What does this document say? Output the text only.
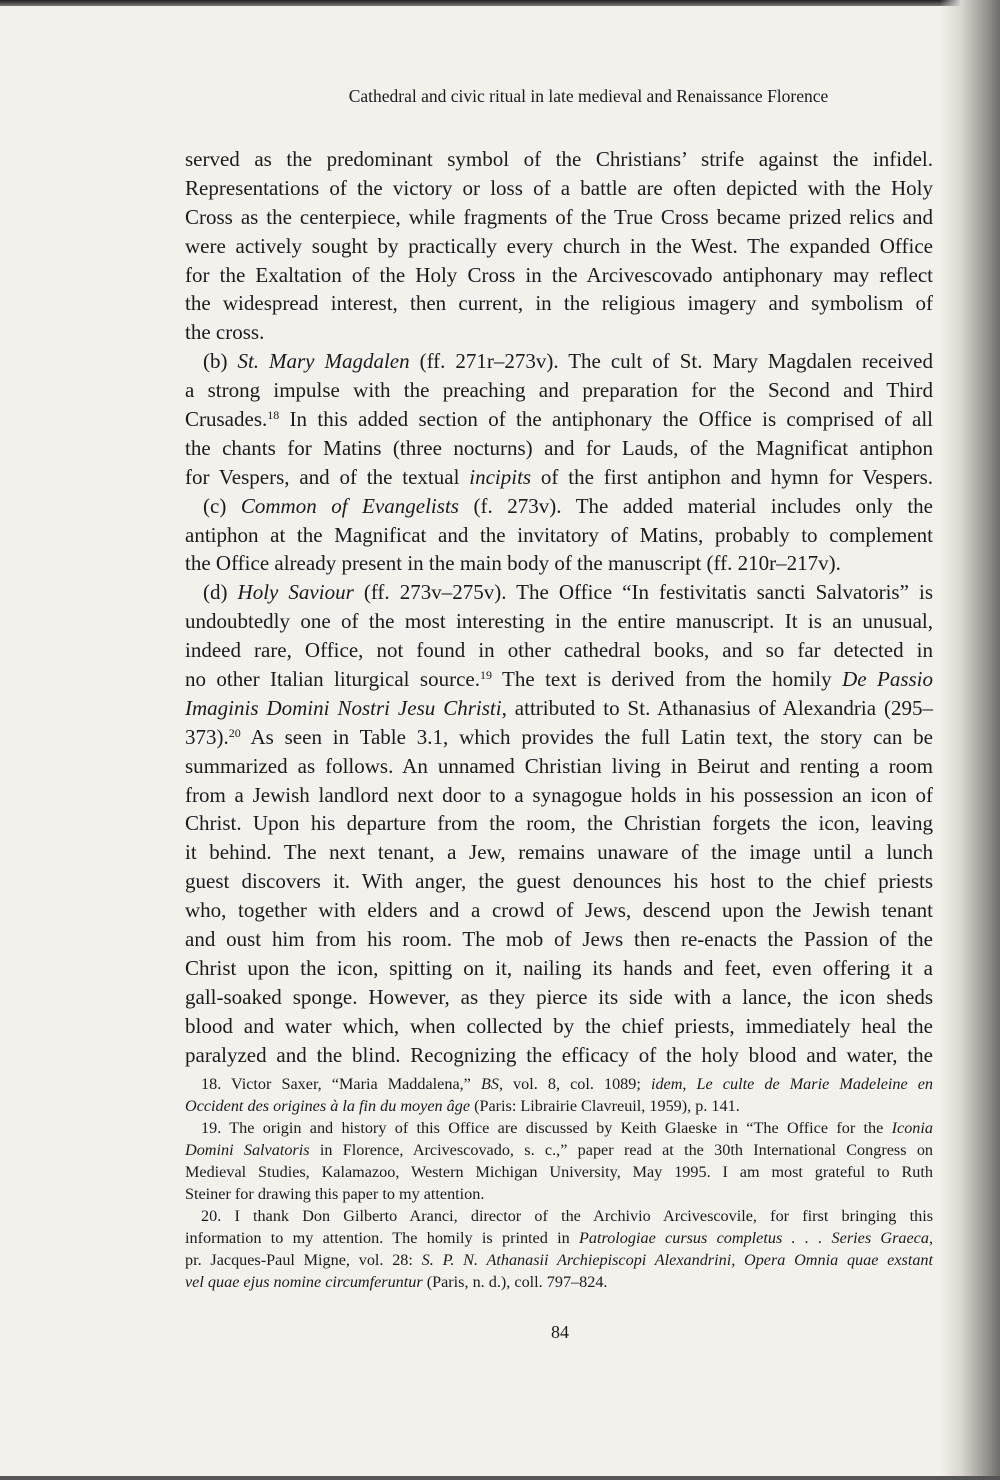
Cathedral and civic ritual in late medieval and Renaissance Florence
served as the predominant symbol of the Christians’ strife against the infidel.
Representations of the victory or loss of a battle are often depicted with the Holy
Cross as the centerpiece, while fragments of the True Cross became prized relics and
were actively sought by practically every church in the West. The expanded Office
for the Exaltation of the Holy Cross in the Arcivescovado antiphonary may reflect
the widespread interest, then current, in the religious imagery and symbolism of
the cross.
(b) St. Mary Magdalen (ff. 271r–273v). The cult of St. Mary Magdalen received
a strong impulse with the preaching and preparation for the Second and Third
Crusades.$^{18}$ In this added section of the antiphonary the Office is comprised of all
the chants for Matins (three nocturns) and for Lauds, of the Magnificat antiphon
for Vespers, and of the textual incipits of the first antiphon and hymn for Vespers.
(c) Common of Evangelists (f. 273v). The added material includes only the
antiphon at the Magnificat and the invitatory of Matins, probably to complement
the Office already present in the main body of the manuscript (ff. 210r–217v).
(d) Holy Saviour (ff. 273v–275v). The Office “In festivitatis sancti Salvatoris” is
undoubtedly one of the most interesting in the entire manuscript. It is an unusual,
indeed rare, Office, not found in other cathedral books, and so far detected in
no other Italian liturgical source.$^{19}$ The text is derived from the homily De Passio
Imaginis Domini Nostri Jesu Christi, attributed to St. Athanasius of Alexandria (295–
373).$^{20}$ As seen in Table 3.1, which provides the full Latin text, the story can be
summarized as follows. An unnamed Christian living in Beirut and renting a room
from a Jewish landlord next door to a synagogue holds in his possession an icon of
Christ. Upon his departure from the room, the Christian forgets the icon, leaving
it behind. The next tenant, a Jew, remains unaware of the image until a lunch
guest discovers it. With anger, the guest denounces his host to the chief priests
who, together with elders and a crowd of Jews, descend upon the Jewish tenant
and oust him from his room. The mob of Jews then re-enacts the Passion of the
Christ upon the icon, spitting on it, nailing its hands and feet, even offering it a
gall-soaked sponge. However, as they pierce its side with a lance, the icon sheds
blood and water which, when collected by the chief priests, immediately heal the
paralyzed and the blind. Recognizing the efficacy of the holy blood and water, the
18. Victor Saxer, “Maria Maddalena,” BS, vol. 8, col. 1089; idem, Le culte de Marie Madeleine en
Occident des origines à la fin du moyen âge (Paris: Librairie Clavreuil, 1959), p. 141.
19. The origin and history of this Office are discussed by Keith Glaeske in “The Office for the Iconia
Domini Salvatoris in Florence, Arcivescovado, s. c.,” paper read at the 30th International Congress on
Medieval Studies, Kalamazoo, Western Michigan University, May 1995. I am most grateful to Ruth
Steiner for drawing this paper to my attention.
20. I thank Don Gilberto Aranci, director of the Archivio Arcivescovile, for first bringing this
information to my attention. The homily is printed in Patrologiae cursus completus . . . Series Graeca,
pr. Jacques-Paul Migne, vol. 28: S. P. N. Athanasii Archiepiscopi Alexandrini, Opera Omnia quae exstant
vel quae ejus nomine circumferuntur (Paris, n. d.), coll. 797–824.
84
